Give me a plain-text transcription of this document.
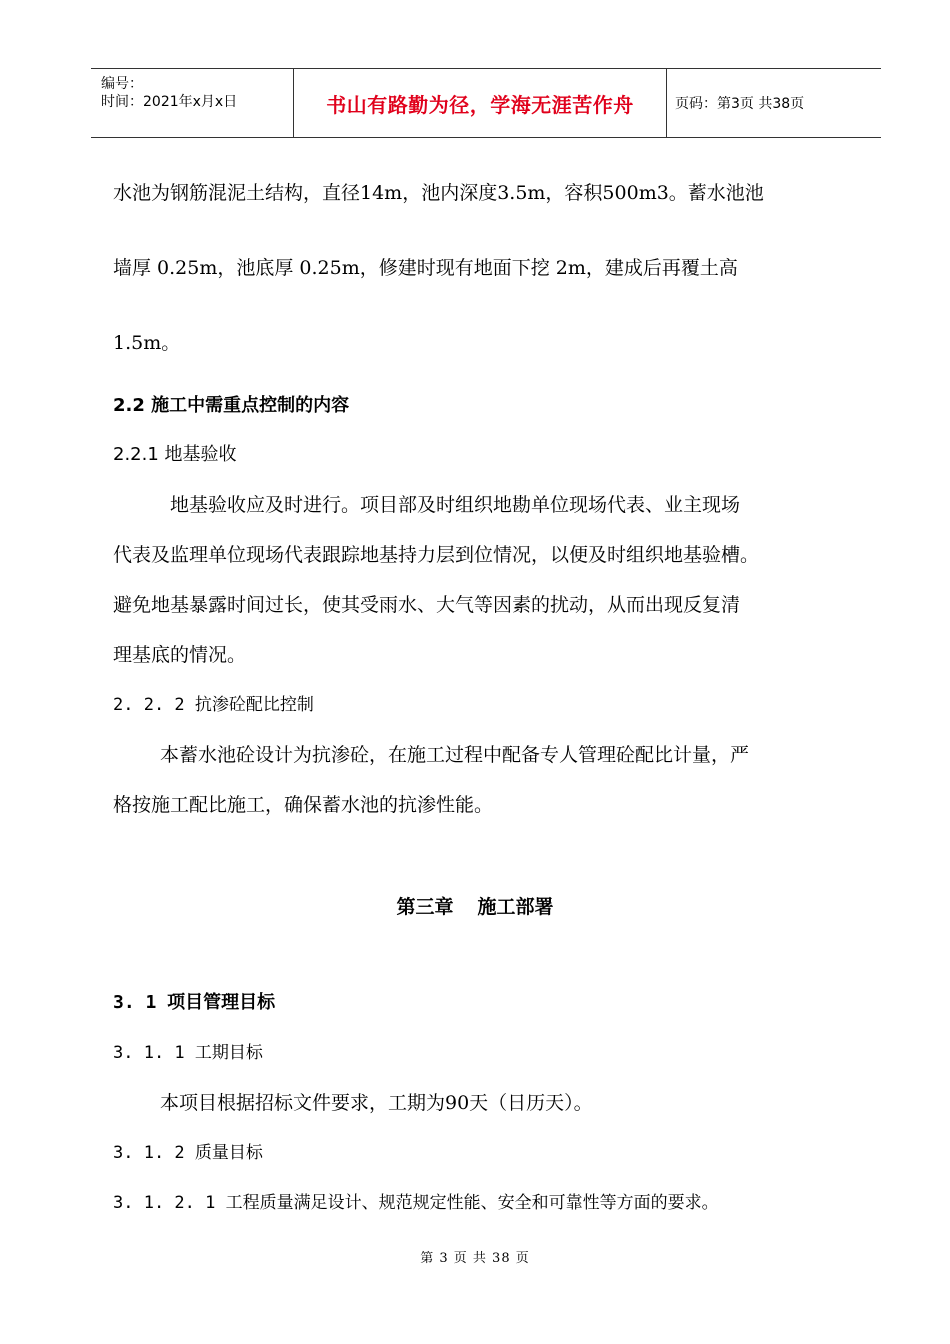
编号：
时间：2021年x月x日	书山有路勤为径，学海无涯苦作舟	页码：第3页 共38页
水池为钢筋混泥土结构，直径14m，池内深度3.5m，容积500m3。蓄水池池
墙厚 0.25m，池底厚 0.25m，修建时现有地面下挖 2m，建成后再覆土高
1.5m。
2.2 施工中需重点控制的内容
2.2.1 地基验收
地基验收应及时进行。项目部及时组织地勘单位现场代表、业主现场
代表及监理单位现场代表跟踪地基持力层到位情况，以便及时组织地基验槽。
避免地基暴露时间过长，使其受雨水、大气等因素的扰动，从而出现反复清
理基底的情况。
2. 2. 2 抗渗砼配比控制
本蓄水池砼设计为抗渗砼，在施工过程中配备专人管理砼配比计量，严
格按施工配比施工，确保蓄水池的抗渗性能。
第三章 施工部署
3. 1 项目管理目标
3. 1. 1 工期目标
本项目根据招标文件要求，工期为90天（日历天）。
3. 1. 2 质量目标
3. 1. 2. 1 工程质量满足设计、规范规定性能、安全和可靠性等方面的要求。
第 3 页 共 38 页
